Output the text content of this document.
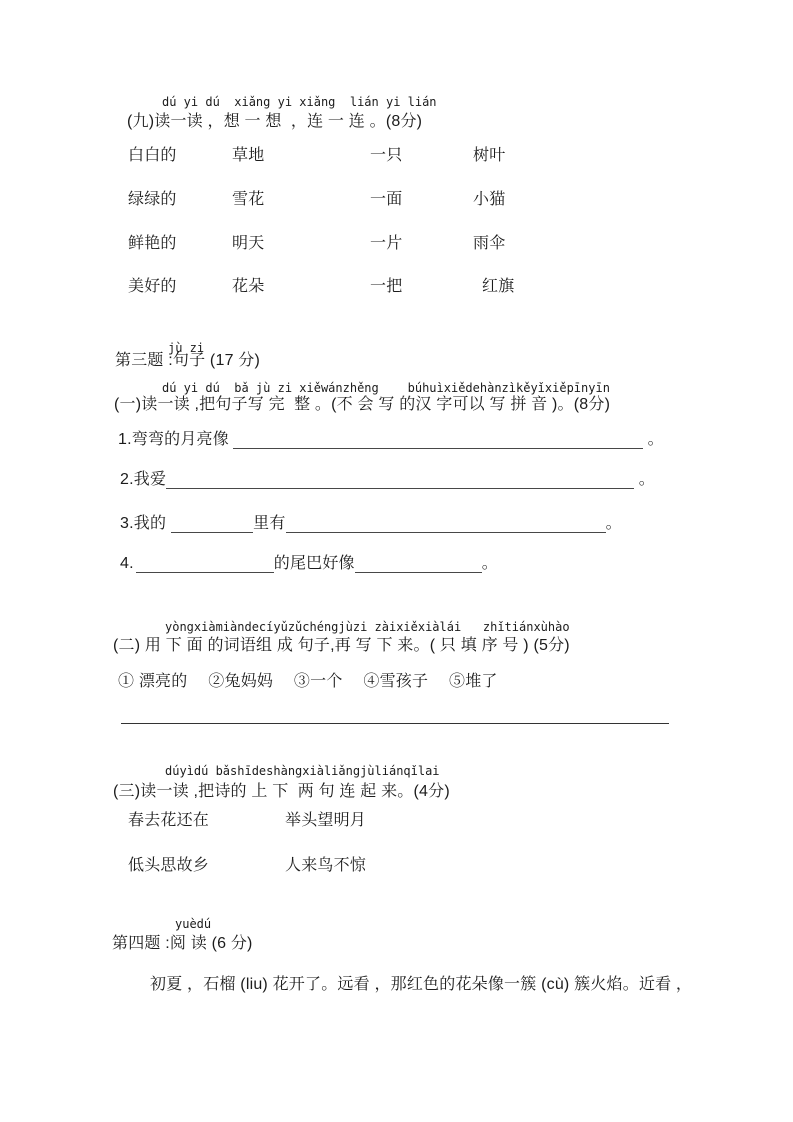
dú yi dú  xiǎng yi xiǎng  lián yi lián
(九)读一读 ，想 一 想  ，连 一 连 。(8分)
白白的	草地	一只	树叶
绿绿的	雪花	一面	小猫
鲜艳的	明天	一片	雨伞
美好的	花朵	一把	红旗
jù zi
第三题 :句子 (17 分)
dú yi dú  bǎ jù zi xiěwánzhěng    búhuìxiědehànzìkěyǐxiěpīnyīn
(一)读一读 ,把句子写 完  整 。(不 会 写 的汉 字可以 写 拼 音 )。(8分)
1.弯弯的月亮像	。
2.我爱	。
3.我的	里有	。
4.	的尾巴好像	。
yòngxiàmiàndecíyǔzǔchéngjùzi zàixiěxiàlái   zhǐtiánxùhào
(二) 用 下 面 的词语组 成 句子,再 写 下 来。( 只 填 序 号 ) (5分)
① 漂亮的　 ②兔妈妈　 ③一个　 ④雪孩子　 ⑤堆了
dúyìdú bǎshīdeshàngxiàliǎngjùliánqǐlai
(三)读一读 ,把诗的 上 下  两 句 连 起 来。(4分)
春去花还在	举头望明月
低头思故乡	人来鸟不惊
yuèdú
第四题 :阅 读 (6 分)
初夏 ，石榴 (liu) 花开了。远看 ，那红色的花朵像一簇 (cù) 簇火焰。近看 ，
